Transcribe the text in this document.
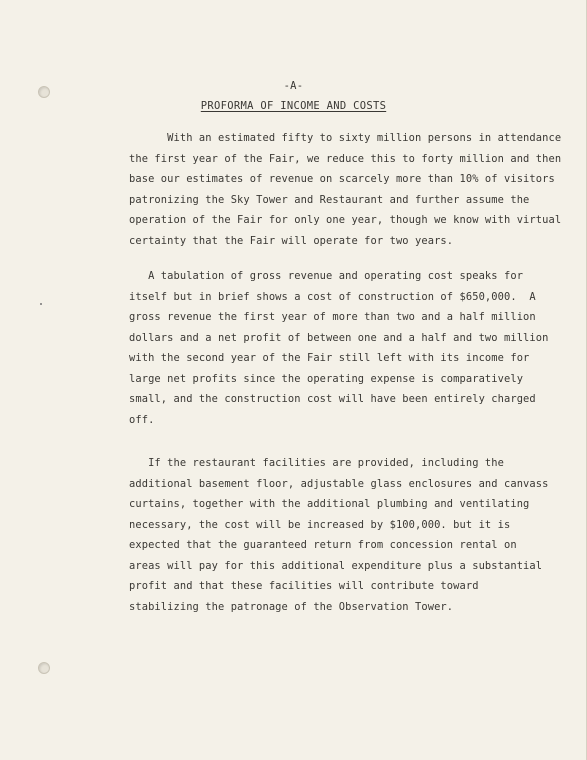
-A-
PROFORMA OF INCOME AND COSTS

With an estimated fifty to sixty million persons in attendance
the first year of the Fair, we reduce this to forty million and then
base our estimates of revenue on scarcely more than 10% of visitors
patronizing the Sky Tower and Restaurant and further assume the
operation of the Fair for only one year, though we know with virtual
certainty that the Fair will operate for two years.

A tabulation of gross revenue and operating cost speaks for
itself but in brief shows a cost of construction of $650,000.  A
gross revenue the first year of more than two and a half million
dollars and a net profit of between one and a half and two million
with the second year of the Fair still left with its income for
large net profits since the operating expense is comparatively
small, and the construction cost will have been entirely charged
off.

If the restaurant facilities are provided, including the
additional basement floor, adjustable glass enclosures and canvass
curtains, together with the additional plumbing and ventilating
necessary, the cost will be increased by $100,000. but it is
expected that the guaranteed return from concession rental on
areas will pay for this additional expenditure plus a substantial
profit and that these facilities will contribute toward
stabilizing the patronage of the Observation Tower.
